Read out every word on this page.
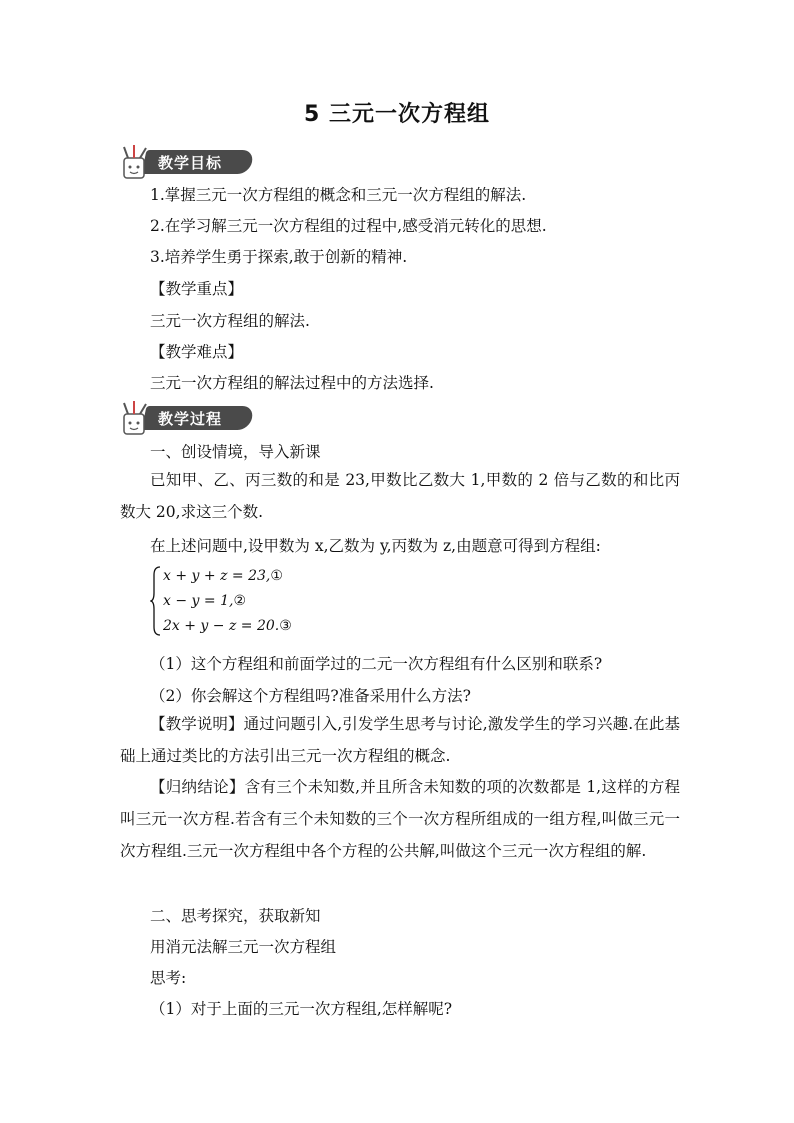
5 三元一次方程组
教学目标
1.掌握三元一次方程组的概念和三元一次方程组的解法.
2.在学习解三元一次方程组的过程中,感受消元转化的思想.
3.培养学生勇于探索,敢于创新的精神.
【教学重点】
三元一次方程组的解法.
【教学难点】
三元一次方程组的解法过程中的方法选择.
教学过程
一、创设情境，导入新课
已知甲、乙、丙三数的和是 23,甲数比乙数大 1,甲数的 2 倍与乙数的和比丙数大 20,求这三个数.
在上述问题中,设甲数为 x,乙数为 y,丙数为 z,由题意可得到方程组:
x + y + z = 23,①
x − y = 1,②
2x + y − z = 20.③
（1）这个方程组和前面学过的二元一次方程组有什么区别和联系?
（2）你会解这个方程组吗?准备采用什么方法?
【教学说明】通过问题引入,引发学生思考与讨论,激发学生的学习兴趣.在此基础上通过类比的方法引出三元一次方程组的概念.
【归纳结论】含有三个未知数,并且所含未知数的项的次数都是 1,这样的方程叫三元一次方程.若含有三个未知数的三个一次方程所组成的一组方程,叫做三元一次方程组.三元一次方程组中各个方程的公共解,叫做这个三元一次方程组的解.
二、思考探究，获取新知
用消元法解三元一次方程组
思考:
（1）对于上面的三元一次方程组,怎样解呢?
